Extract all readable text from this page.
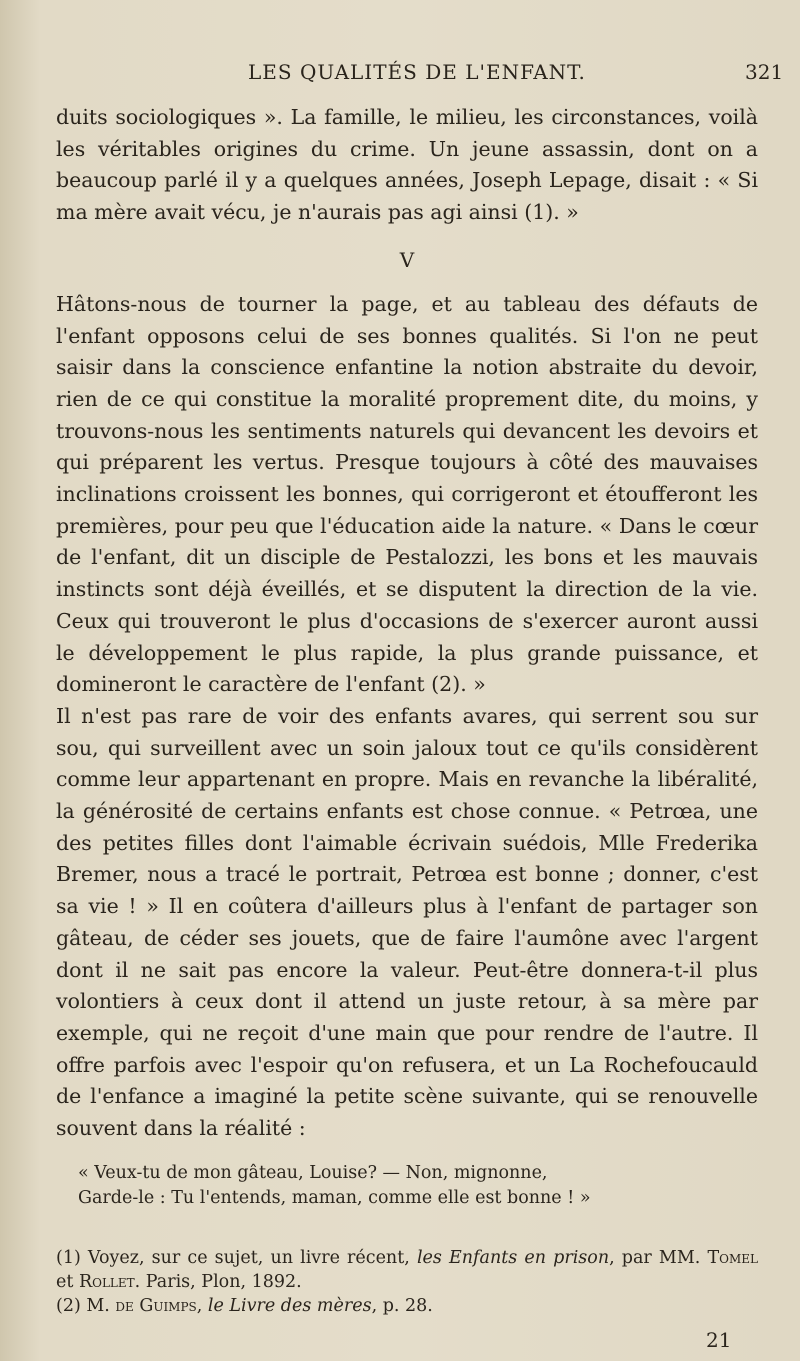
LES QUALITÉS DE L'ENFANT.	321

duits sociologiques ». La famille, le milieu, les circonstances, voilà les véritables origines du crime. Un jeune assassin, dont on a beaucoup parlé il y a quelques années, Joseph Lepage, disait : « Si ma mère avait vécu, je n'aurais pas agi ainsi (1). »

V

Hâtons-nous de tourner la page, et au tableau des défauts de l'enfant opposons celui de ses bonnes qualités. Si l'on ne peut saisir dans la conscience enfantine la notion abstraite du devoir, rien de ce qui constitue la moralité proprement dite, du moins, y trouvons-nous les sentiments naturels qui devancent les devoirs et qui préparent les vertus. Presque toujours à côté des mauvaises inclinations croissent les bonnes, qui corrigeront et étoufferont les premières, pour peu que l'éducation aide la nature. « Dans le cœur de l'enfant, dit un disciple de Pestalozzi, les bons et les mauvais instincts sont déjà éveillés, et se disputent la direction de la vie. Ceux qui trouveront le plus d'occasions de s'exercer auront aussi le développement le plus rapide, la plus grande puissance, et domineront le caractère de l'enfant (2). »

Il n'est pas rare de voir des enfants avares, qui serrent sou sur sou, qui surveillent avec un soin jaloux tout ce qu'ils considèrent comme leur appartenant en propre. Mais en revanche la libéralité, la générosité de certains enfants est chose connue. « Petrœa, une des petites filles dont l'aimable écrivain suédois, Mlle Frederika Bremer, nous a tracé le portrait, Petrœa est bonne ; donner, c'est sa vie ! » Il en coûtera d'ailleurs plus à l'enfant de partager son gâteau, de céder ses jouets, que de faire l'aumône avec l'argent dont il ne sait pas encore la valeur. Peut-être donnera-t-il plus volontiers à ceux dont il attend un juste retour, à sa mère par exemple, qui ne reçoit d'une main que pour rendre de l'autre. Il offre parfois avec l'espoir qu'on refusera, et un La Rochefoucauld de l'enfance a imaginé la petite scène suivante, qui se renouvelle souvent dans la réalité :

« Veux-tu de mon gâteau, Louise? — Non, mignonne,
Garde-le : Tu l'entends, maman, comme elle est bonne ! »

(1) Voyez, sur ce sujet, un livre récent, les Enfants en prison, par MM. Tomel et Rollet. Paris, Plon, 1892.

(2) M. de Guimps, le Livre des mères, p. 28.

21
